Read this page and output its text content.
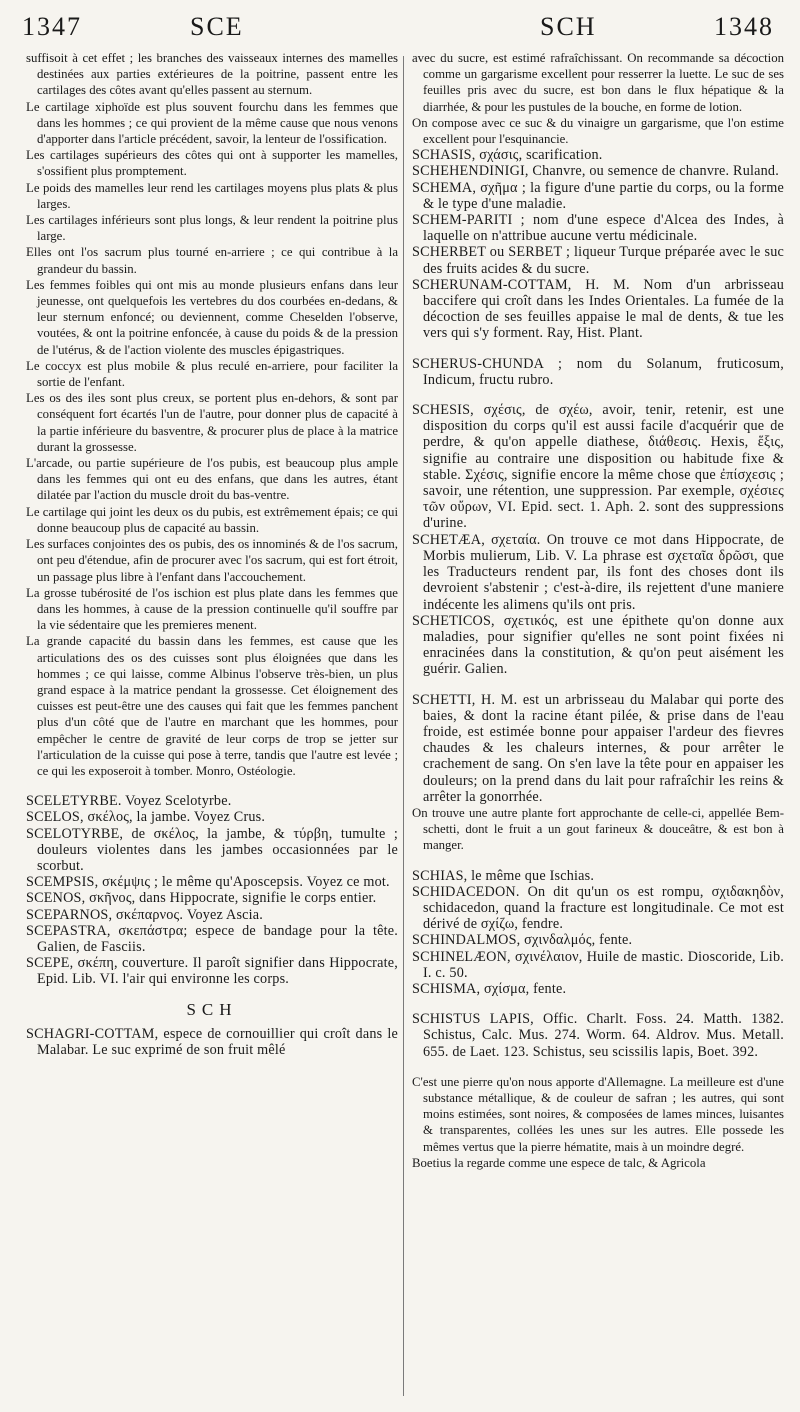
1347	SCE	SCH	1348

suffisoit à cet effet ; les branches des vaisseaux internes des mamelles destinées aux parties extérieures de la poitrine, passent entre les cartilages des côtes avant qu'elles passent au sternum.

Le cartilage xiphoïde est plus souvent fourchu dans les femmes que dans les hommes ; ce qui provient de la même cause que nous venons d'apporter dans l'article précédent, savoir, la lenteur de l'ossification.

Les cartilages supérieurs des côtes qui ont à supporter les mamelles, s'ossifient plus promptement.

Le poids des mamelles leur rend les cartilages moyens plus plats & plus larges.

Les cartilages inférieurs sont plus longs, & leur rendent la poitrine plus large.

Elles ont l'os sacrum plus tourné en-arriere ; ce qui contribue à la grandeur du bassin.

Les femmes foibles qui ont mis au monde plusieurs enfans dans leur jeunesse, ont quelquefois les vertebres du dos courbées en-dedans, & leur sternum enfoncé; ou deviennent, comme Cheselden l'observe, voutées, & ont la poitrine enfoncée, à cause du poids & de la pression de l'utérus, & de l'action violente des muscles épigastriques.

Le coccyx est plus mobile & plus reculé en-arriere, pour faciliter la sortie de l'enfant.

Les os des iles sont plus creux, se portent plus en-dehors, & sont par conséquent fort écartés l'un de l'autre, pour donner plus de capacité à la partie inférieure du basventre, & procurer plus de place à la matrice durant la grossesse.

L'arcade, ou partie supérieure de l'os pubis, est beaucoup plus ample dans les femmes qui ont eu des enfans, que dans les autres, étant dilatée par l'action du muscle droit du bas-ventre.

Le cartilage qui joint les deux os du pubis, est extrêmement épais; ce qui donne beaucoup plus de capacité au bassin.

Les surfaces conjointes des os pubis, des os innominés & de l'os sacrum, ont peu d'étendue, afin de procurer avec l'os sacrum, qui est fort étroit, un passage plus libre à l'enfant dans l'accouchement.

La grosse tubérosité de l'os ischion est plus plate dans les femmes que dans les hommes, à cause de la pression continuelle qu'il souffre par la vie sédentaire que les premieres menent.

La grande capacité du bassin dans les femmes, est cause que les articulations des os des cuisses sont plus éloignées que dans les hommes ; ce qui laisse, comme Albinus l'observe très-bien, un plus grand espace à la matrice pendant la grossesse. Cet éloignement des cuisses est peut-être une des causes qui fait que les femmes panchent plus d'un côté que de l'autre en marchant que les hommes, pour empêcher le centre de gravité de leur corps de trop se jetter sur l'articulation de la cuisse qui pose à terre, tandis que l'autre est levée ; ce qui les exposeroit à tomber. Monro, Ostéologie.

SCELETYRBE. Voyez Scelotyrbe.

SCELOS, σκέλος, la jambe. Voyez Crus.

SCELOTYRBE, de σκέλος, la jambe, & τύρβη, tumulte ; douleurs violentes dans les jambes occasionnées par le scorbut.

SCEMPSIS, σκέμψις ; le même qu'Aposcepsis. Voyez ce mot.

SCENOS, σκῆνος, dans Hippocrate, signifie le corps entier.

SCEPARNOS, σκέπαρνος. Voyez Ascia.

SCEPASTRA, σκεπάστρα; espece de bandage pour la tête. Galien, de Fasciis.

SCEPE, σκέπη, couverture. Il paroît signifier dans Hippocrate, Epid. Lib. VI. l'air qui environne les corps.

SCH

SCHAGRI-COTTAM, espece de cornouillier qui croît dans le Malabar. Le suc exprimé de son fruit mêlé

avec du sucre, est estimé rafraîchissant. On recommande sa décoction comme un gargarisme excellent pour resserrer la luette. Le suc de ses feuilles pris avec du sucre, est bon dans le flux hépatique & la diarrhée, & pour les pustules de la bouche, en forme de lotion.

On compose avec ce suc & du vinaigre un gargarisme, que l'on estime excellent pour l'esquinancie.

SCHASIS, σχάσις, scarification.

SCHEHENDINIGI, Chanvre, ou semence de chanvre. Ruland.

SCHEMA, σχῆμα ; la figure d'une partie du corps, ou la forme & le type d'une maladie.

SCHEM-PARITI ; nom d'une espece d'Alcea des Indes, à laquelle on n'attribue aucune vertu médicinale.

SCHERBET ou SERBET ; liqueur Turque préparée avec le suc des fruits acides & du sucre.

SCHERUNAM-COTTAM, H. M. Nom d'un arbrisseau baccifere qui croît dans les Indes Orientales. La fumée de la décoction de ses feuilles appaise le mal de dents, & tue les vers qui s'y forment. Ray, Hist. Plant.

SCHERUS-CHUNDA ; nom du Solanum, fruticosum, Indicum, fructu rubro.

SCHESIS, σχέσις, de σχέω, avoir, tenir, retenir, est une disposition du corps qu'il est aussi facile d'acquérir que de perdre, & qu'on appelle diathese, διάθεσις. Hexis, ἕξις, signifie au contraire une disposition ou habitude fixe & stable. Σχέσις, signifie encore la même chose que ἐπίσχεσις ; savoir, une rétention, une suppression. Par exemple, σχέσιες τῶν οὔρων, VI. Epid. sect. 1. Aph. 2. sont des suppressions d'urine.

SCHETÆA, σχεταία. On trouve ce mot dans Hippocrate, de Morbis mulierum, Lib. V. La phrase est σχεταῖα δρῶσι, que les Traducteurs rendent par, ils font des choses dont ils devroient s'abstenir ; c'est-à-dire, ils rejettent d'une maniere indécente les alimens qu'ils ont pris.

SCHETICOS, σχετικός, est une épithete qu'on donne aux maladies, pour signifier qu'elles ne sont point fixées ni enracinées dans la constitution, & qu'on peut aisément les guérir. Galien.

SCHETTI, H. M. est un arbrisseau du Malabar qui porte des baies, & dont la racine étant pilée, & prise dans de l'eau froide, est estimée bonne pour appaiser l'ardeur des fievres chaudes & les chaleurs internes, & pour arrêter le crachement de sang. On s'en lave la tête pour en appaiser les douleurs; on la prend dans du lait pour rafraîchir les reins & arrêter la gonorrhée.

On trouve une autre plante fort approchante de celle-ci, appellée Bem-schetti, dont le fruit a un gout farineux & douceâtre, & est bon à manger.

SCHIAS, le même que Ischias.

SCHIDACEDON. On dit qu'un os est rompu, σχιδακηδὸν, schidacedon, quand la fracture est longitudinale. Ce mot est dérivé de σχίζω, fendre.

SCHINDALMOS, σχινδαλμός, fente.

SCHINELÆON, σχινέλαιον, Huile de mastic. Dioscoride, Lib. I. c. 50.

SCHISMA, σχίσμα, fente.

SCHISTUS LAPIS, Offic. Charlt. Foss. 24. Matth. 1382. Schistus, Calc. Mus. 274. Worm. 64. Aldrov. Mus. Metall. 655. de Laet. 123. Schistus, seu scissilis lapis, Boet. 392.

C'est une pierre qu'on nous apporte d'Allemagne. La meilleure est d'une substance métallique, & de couleur de safran ; les autres, qui sont moins estimées, sont noires, & composées de lames minces, luisantes & transparentes, collées les unes sur les autres. Elle possede les mêmes vertus que la pierre hématite, mais à un moindre degré.

Boetius la regarde comme une espece de talc, & Agricola
